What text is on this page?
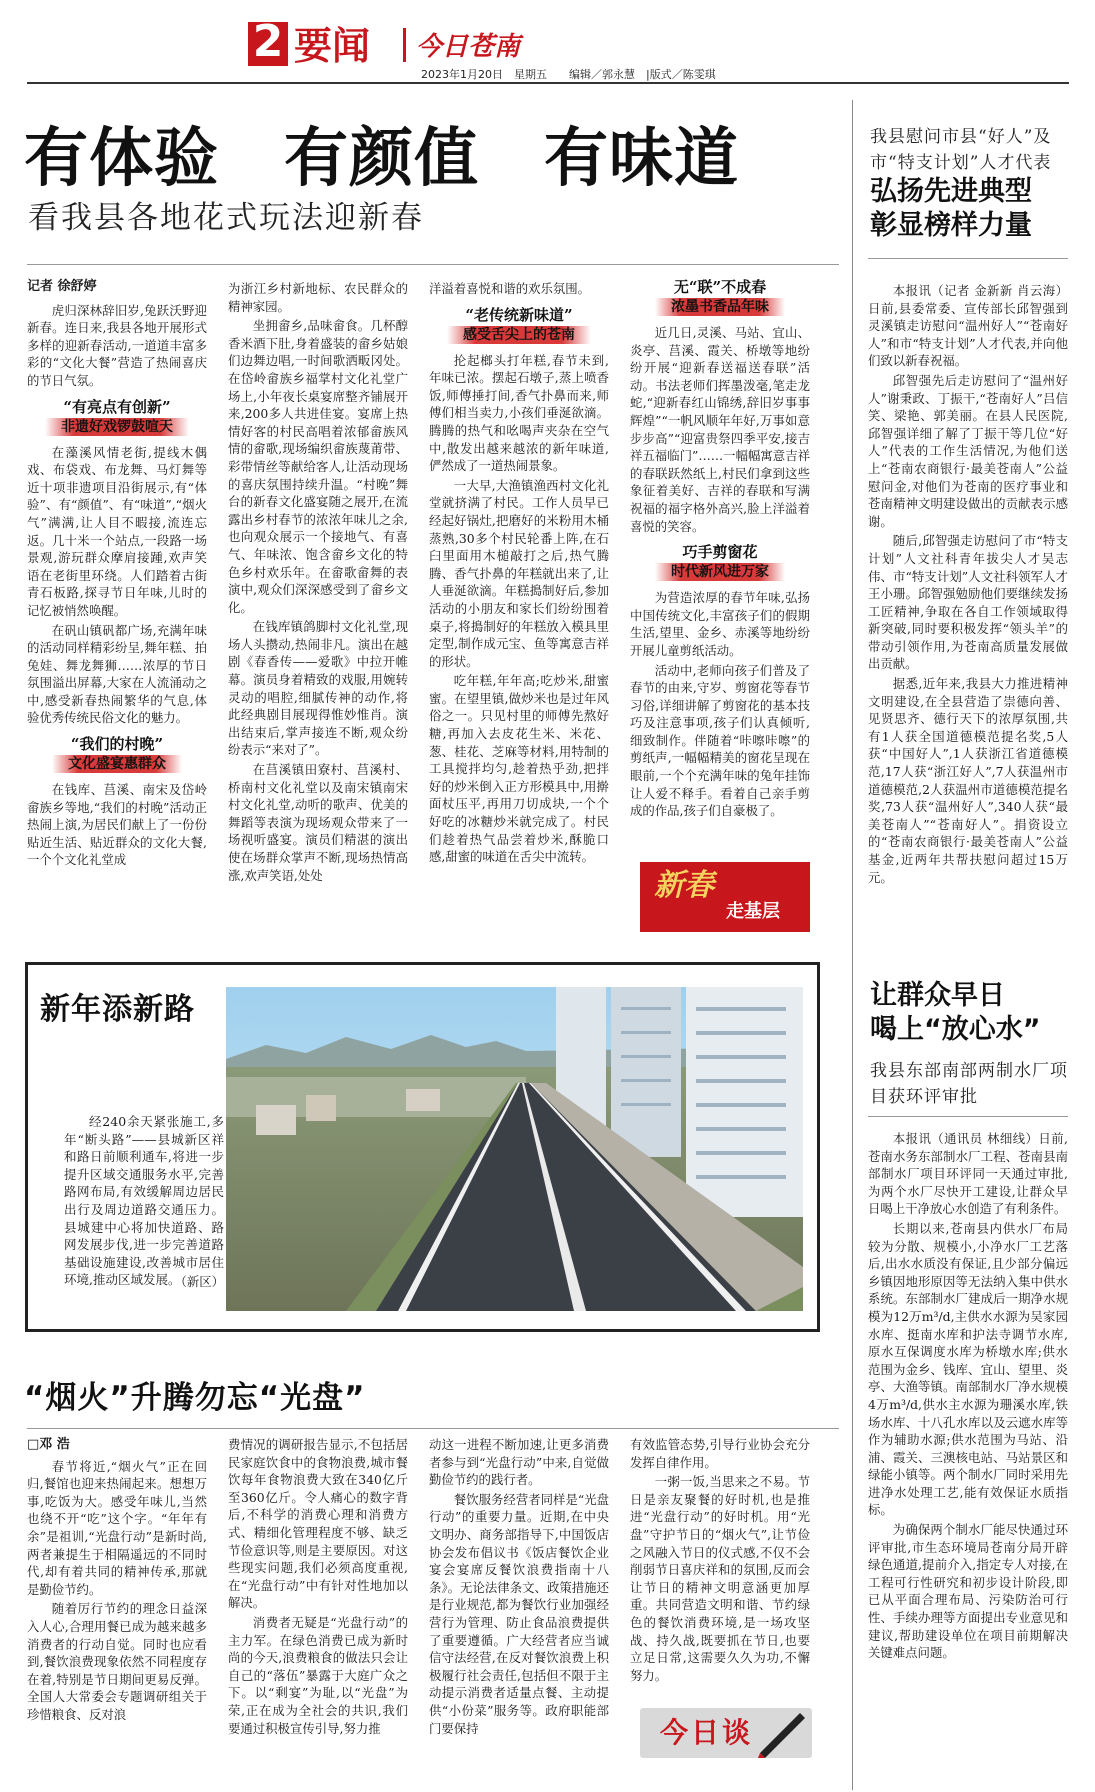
2 要闻 今日苍南
2023年1月20日　星期五　　编辑／郭永慧　|版式／陈雯琪
有体验　有颜值　有味道
看我县各地花式玩法迎新春

记者 徐舒婷

虎归深林辞旧岁,兔跃沃野迎新春。连日来,我县各地开展形式多样的迎新春活动,一道道丰富多彩的“文化大餐”营造了热闹喜庆的节日气氛。

“有亮点有创新”
非遗好戏锣鼓喧天

在藻溪风情老街,提线木偶戏、布袋戏、布龙舞、马灯舞等近十项非遗项目沿街展示,有“体验”、有“颜值”、有“味道”,“烟火气”满满,让人目不暇接,流连忘返。几十米一个站点,一段路一场景观,游玩群众摩肩接踵,欢声笑语在老街里环绕。人们踏着古街青石板路,探寻节日年味,儿时的记忆被悄然唤醒。

在矾山镇矾都广场,充满年味的活动同样精彩纷呈,舞年糕、拍兔娃、舞龙舞狮……浓厚的节日氛围溢出屏幕,大家在人流涌动之中,感受新春热闹繁华的气息,体验优秀传统民俗文化的魅力。

“我们的村晚”
文化盛宴惠群众

在钱库、莒溪、南宋及岱岭畲族乡等地,“我们的村晚”活动正热闹上演,为居民们献上了一份份贴近生活、贴近群众的文化大餐,一个个文化礼堂成

为浙江乡村新地标、农民群众的精神家园。

坐拥畲乡,品味畲食。几杯醇香米酒下肚,身着盛装的畲乡姑娘们边舞边唱,一时间歌洒畈冈处。在岱岭畲族乡福掌村文化礼堂广场上,小年夜长桌宴席整齐铺展开来,200多人共进佳宴。宴席上热情好客的村民高唱着浓郁畲族风情的畲歌,现场编织畲族蔑莆带、彩带情丝等献给客人,让活动现场的喜庆氛围持续升温。“村晚”舞台的新春文化盛宴随之展开,在流露出乡村春节的浓浓年味儿之余,也向观众展示一个接地气、有喜气、年味浓、饱含畲乡文化的特色乡村欢乐年。在畲歌畲舞的表演中,观众们深深感受到了畲乡文化。

在钱库镇鸽脚村文化礼堂,现场人头攒动,热闹非凡。演出在越剧《春香传——爱歌》中拉开帷幕。演员身着精致的戏服,用婉转灵动的唱腔,细腻传神的动作,将此经典剧目展现得惟妙惟肖。演出结束后,掌声接连不断,观众纷纷表示“来对了”。

在莒溪镇田寮村、莒溪村、桥南村文化礼堂以及南宋镇南宋村文化礼堂,动听的歌声、优美的舞蹈等表演为现场观众带来了一场视听盛宴。演员们精湛的演出使在场群众掌声不断,现场热情高涨,欢声笑语,处处

洋溢着喜悦和谐的欢乐氛围。

“老传统新味道”
感受舌尖上的苍南

抡起榔头打年糕,春节未到,年味已浓。摆起石墩子,蒸上喷香饭,师傅捶打间,香气扑鼻而来,师傅们相当卖力,小孩们垂涎欲滴。腾腾的热气和吆喝声夹杂在空气中,散发出越来越浓的新年味道,俨然成了一道热闹景象。

一大早,大渔镇渔西村文化礼堂就挤满了村民。工作人员早已经起好锅灶,把磨好的米粉用木桶蒸熟,30多个村民轮番上阵,在石臼里面用木槌敲打之后,热气腾腾、香气扑鼻的年糕就出来了,让人垂涎欲滴。年糕搗制好后,参加活动的小朋友和家长们纷纷围着桌子,将搗制好的年糕放入模具里定型,制作成元宝、鱼等寓意吉祥的形状。

吃年糕,年年高;吃炒米,甜蜜蜜。在望里镇,做炒米也是过年风俗之一。只见村里的师傅先熬好糖,再加入去皮花生米、米花、葱、桂花、芝麻等材料,用特制的工具搅拌均匀,趁着热乎劲,把拌好的炒米倒入正方形模具中,用擀面杖压平,再用刀切成块,一个个好吃的冰糖炒米就完成了。村民们趁着热气品尝着炒米,酥脆口感,甜蜜的味道在舌尖中流转。

无“联”不成春
浓墨书香品年味

近几日,灵溪、马站、宜山、炎亭、莒溪、霞关、桥墩等地纷纷开展“迎新春送福送春联”活动。书法老师们挥墨泼毫,笔走龙蛇,“迎新春红山锦绣,辞旧岁事事辉煌”“一帆风顺年年好,万事如意步步高”“迎富贵祭四季平安,接吉祥五福临门”……一幅幅寓意吉祥的春联跃然纸上,村民们拿到这些象征着美好、吉祥的春联和写满祝福的福字格外高兴,脸上洋溢着喜悦的笑容。

巧手剪窗花
时代新风进万家

为营造浓厚的春节年味,弘扬中国传统文化,丰富孩子们的假期生活,望里、金乡、赤溪等地纷纷开展儿童剪纸活动。

活动中,老师向孩子们普及了春节的由来,守岁、剪窗花等春节习俗,详细讲解了剪窗花的基本技巧及注意事项,孩子们认真倾听,细致制作。伴随着“咔嚓咔嚓”的剪纸声,一幅幅精美的窗花呈现在眼前,一个个充满年味的兔年挂饰让人爱不释手。看着自己亲手剪成的作品,孩子们自豪极了。

新春
走基层
我县慰问市县“好人”及市“特支计划”人才代表
弘扬先进典型
彰显榜样力量

本报讯（记者 金新新 肖云海）日前,县委常委、宣传部长邱智强到灵溪镇走访慰问“温州好人”“苍南好人”和市“特支计划”人才代表,并向他们致以新春祝福。

邱智强先后走访慰问了“温州好人”谢秉政、丁振干,“苍南好人”吕信笑、梁艳、郭美丽。在县人民医院,邱智强详细了解了丁振干等几位“好人”代表的工作生活情况,为他们送上“苍南农商银行·最美苍南人”公益慰问金,对他们为苍南的医疗事业和苍南精神文明建设做出的贡献表示感谢。

随后,邱智强走访慰问了市“特支计划”人文社科青年拔尖人才吴志伟、市“特支计划”人文社科领军人才王小珊。邱智强勉励他们要继续发扬工匠精神,争取在各自工作领域取得新突破,同时要积极发挥“领头羊”的带动引领作用,为苍南高质量发展做出贡献。

据悉,近年来,我县大力推进精神文明建设,在全县营造了崇德向善、见贤思齐、德行天下的浓厚氛围,共有1人获全国道德模范提名奖,5人获“中国好人”,1人获浙江省道德模范,17人获“浙江好人”,7人获温州市道德模范,2人获温州市道德模范提名奖,73人获“温州好人”,340人获“最美苍南人”“苍南好人”。捐资设立的“苍南农商银行·最美苍南人”公益基金,近两年共帮扶慰问超过15万元。

新年添新路

经240余天紧张施工,多年“断头路”——县城新区祥和路日前顺利通车,将进一步提升区域交通服务水平,完善路网布局,有效缓解周边居民出行及周边道路交通压力。县城建中心将加快道路、路网发展步伐,进一步完善道路基础设施建设,改善城市居住环境,推动区域发展。

（新区）

让群众早日
喝上“放心水”
我县东部南部两制水厂项目获环评审批

本报讯（通讯员 林细线）日前,苍南水务东部制水厂工程、苍南县南部制水厂项目环评同一天通过审批,为两个水厂尽快开工建设,让群众早日喝上干净放心水创造了有利条件。

长期以来,苍南县内供水厂布局较为分散、规模小,小净水厂工艺落后,出水水质没有保证,且少部分偏远乡镇因地形原因等无法纳入集中供水系统。东部制水厂建成后一期净水规模为12万m³/d,主供水水源为吴家园水库、挺南水库和护法寺调节水库,原水互保调度水库为桥墩水库;供水范围为金乡、钱库、宜山、望里、炎亭、大渔等镇。南部制水厂净水规模4万m³/d,供水主水源为珊溪水库,铁场水库、十八孔水库以及云遮水库等作为辅助水源;供水范围为马站、沿浦、霞关、三澳核电站、马站景区和绿能小镇等。两个制水厂同时采用先进净水处理工艺,能有效保证水质指标。

为确保两个制水厂能尽快通过环评审批,市生态环境局苍南分局开辟绿色通道,提前介入,指定专人对接,在工程可行性研究和初步设计阶段,即已从平面合理布局、污染防治可行性、手续办理等方面提出专业意见和建议,帮助建设单位在项目前期解决关键难点问题。

“烟火”升腾勿忘“光盘”

□邓 浩

春节将近,“烟火气”正在回归,餐馆也迎来热闹起来。想想万事,吃饭为大。感受年味儿,当然也绕不开“吃”这个字。“年年有余”是祖训,“光盘行动”是新时尚,两者兼提生于相隔遥远的不同时代,却有着共同的精神传承,那就是勤俭节约。

随着厉行节约的理念日益深入人心,合理用餐已成为越来越多消费者的行动自觉。同时也应看到,餐饮浪费现象依然不同程度存在着,特别是节日期间更易反弹。全国人大常委会专题调研组关于珍惜粮食、反对浪

费情况的调研报告显示,不包括居民家庭饮食中的食物浪费,城市餐饮每年食物浪费大致在340亿斤至360亿斤。令人痛心的数字背后,不科学的消费心理和消费方式、精细化管理程度不够、缺乏节俭意识等,则是主要原因。对这些现实问题,我们必须高度重视,在“光盘行动”中有针对性地加以解决。

消费者无疑是“光盘行动”的主力军。在绿色消费已成为新时尚的今天,浪费粮食的做法只会让自己的“落伍”暴露于大庭广众之下。以“剩宴”为耻,以“光盘”为荣,正在成为全社会的共识,我们要通过积极宣传引导,努力推

动这一进程不断加速,让更多消费者参与到“光盘行动”中来,自觉做勤俭节约的践行者。

餐饮服务经营者同样是“光盘行动”的重要力量。近期,在中央文明办、商务部指导下,中国饭店协会发布倡议书《饭店餐饮企业宴会宴席反餐饮浪费指南十八条》。无论法律条文、政策措施还是行业规范,都为餐饮行业加强经营行为管理、防止食品浪费提供了重要遵循。广大经营者应当诚信守法经营,在反对餐饮浪费上积极履行社会责任,包括但不限于主动提示消费者适量点餐、主动提供“小份菜”服务等。政府职能部门要保持

有效监管态势,引导行业协会充分发挥自律作用。

一粥一饭,当思来之不易。节日是亲友聚餐的好时机,也是推进“光盘行动”的好时机。用“光盘”守护节日的“烟火气”,让节俭之风融入节日的仪式感,不仅不会削弱节日喜庆祥和的氛围,反而会让节日的精神文明意涵更加厚重。共同营造文明和谐、节约绿色的餐饮消费环境,是一场攻坚战、持久战,既要抓在节日,也要立足日常,这需要久久为功,不懈努力。

今日谈
